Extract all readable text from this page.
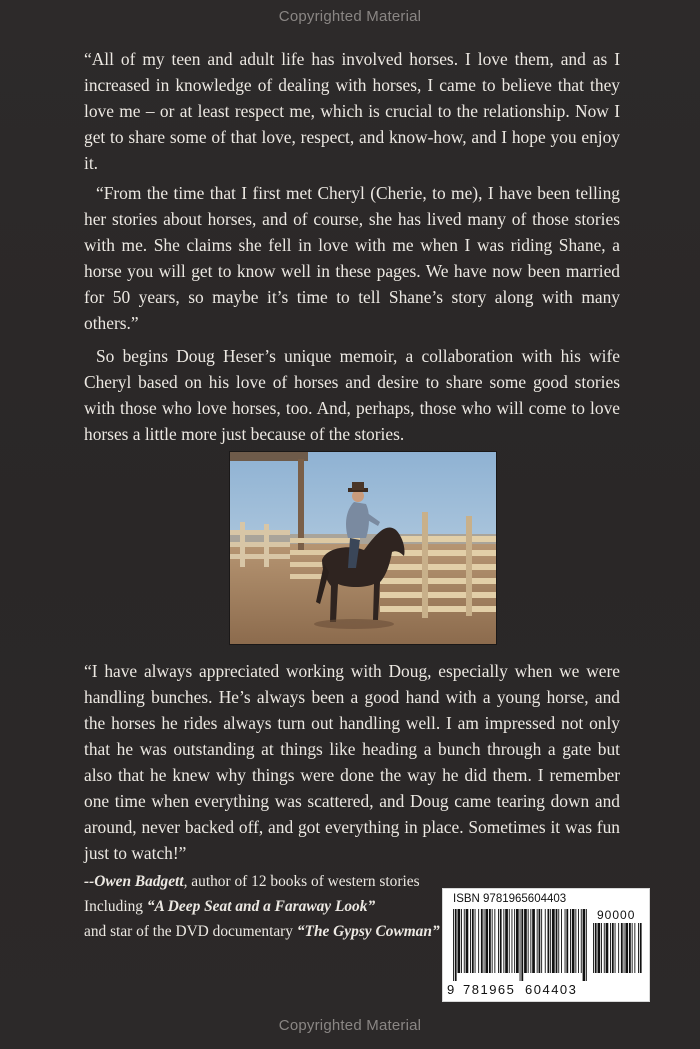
Copyrighted Material

“All of my teen and adult life has involved horses. I love them, and as I increased in knowledge of dealing with horses, I came to believe that they love me – or at least respect me, which is crucial to the relationship. Now I get to share some of that love, respect, and know-how, and I hope you enjoy it.

“From the time that I first met Cheryl (Cherie, to me), I have been telling her stories about horses, and of course, she has lived many of those stories with me. She claims she fell in love with me when I was riding Shane, a horse you will get to know well in these pages. We have now been married for 50 years, so maybe it’s time to tell Shane’s story along with many others.”

So begins Doug Heser’s unique memoir, a collaboration with his wife Cheryl based on his love of horses and desire to share some good stories with those who love horses, too. And, perhaps, those who will come to love horses a little more just because of the stories.

“I have always appreciated working with Doug, especially when we were handling bunches. He’s always been a good hand with a young horse, and the horses he rides always turn out handling well. I am impressed not only that he was outstanding at things like heading a bunch through a gate but also that he knew why things were done the way he did them. I remember one time when everything was scattered, and Doug came tearing down and around, never backed off, and got everything in place. Sometimes it was fun just to watch!”

--Owen Badgett, author of 12 books of western stories
Including “A Deep Seat and a Faraway Look”
and star of the DVD documentary “The Gypsy Cowman”
ISBN 9781965604403
90000
9 781965 604403
Copyrighted Material
